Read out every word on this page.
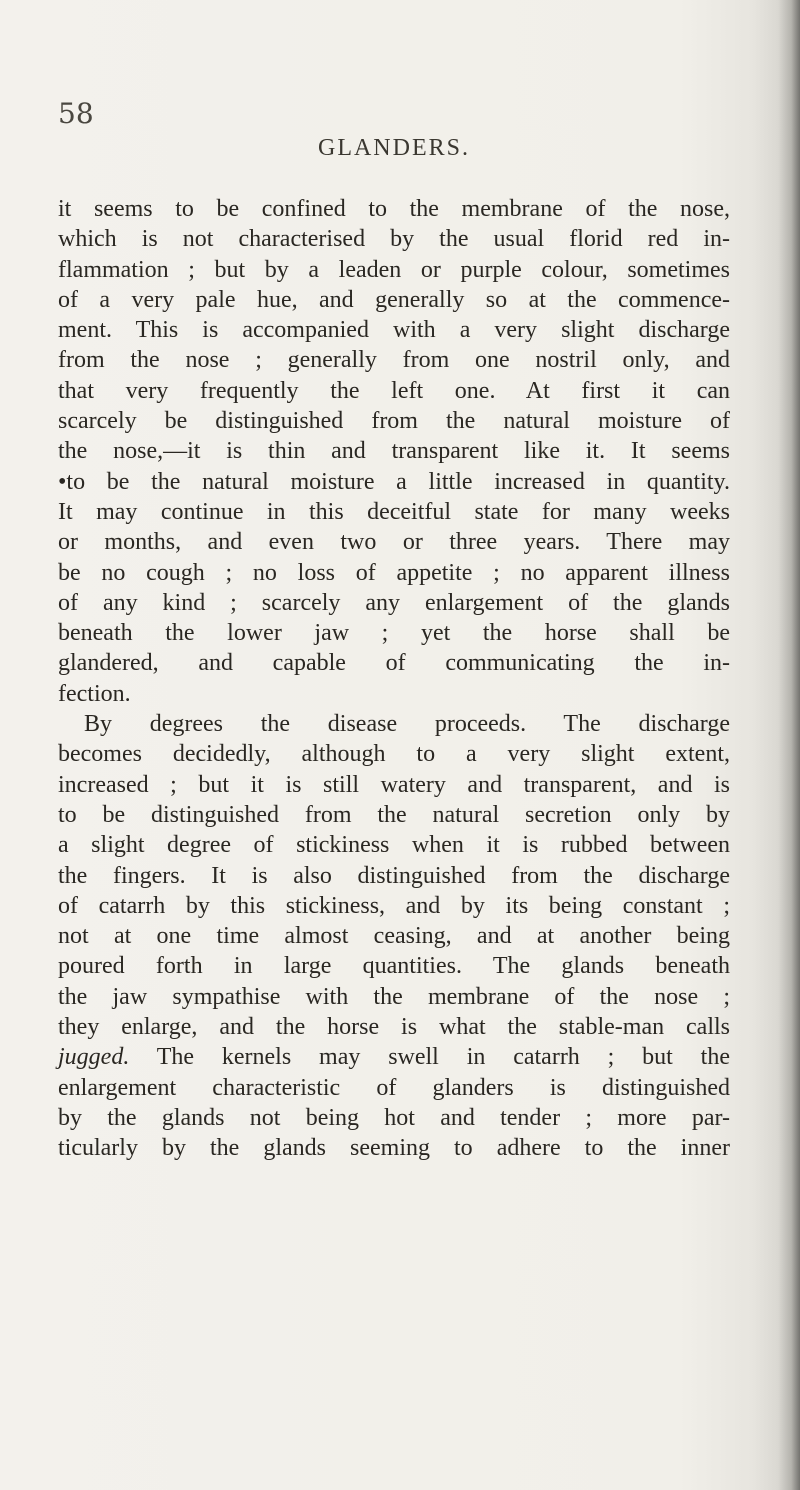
58
GLANDERS.
it seems to be confined to the membrane of the nose,
which is not characterised by the usual florid red in-
flammation ; but by a leaden or purple colour, sometimes
of a very pale hue, and generally so at the commence-
ment. This is accompanied with a very slight discharge
from the nose ; generally from one nostril only, and
that very frequently the left one. At first it can
scarcely be distinguished from the natural moisture of
the nose,—it is thin and transparent like it. It seems
•to be the natural moisture a little increased in quantity.
It may continue in this deceitful state for many weeks
or months, and even two or three years. There may
be no cough ; no loss of appetite ; no apparent illness
of any kind ; scarcely any enlargement of the glands
beneath the lower jaw ; yet the horse shall be
glandered, and capable of communicating the in-
fection.
By degrees the disease proceeds. The discharge
becomes decidedly, although to a very slight extent,
increased ; but it is still watery and transparent, and is
to be distinguished from the natural secretion only by
a slight degree of stickiness when it is rubbed between
the fingers. It is also distinguished from the discharge
of catarrh by this stickiness, and by its being constant ;
not at one time almost ceasing, and at another being
poured forth in large quantities. The glands beneath
the jaw sympathise with the membrane of the nose ;
they enlarge, and the horse is what the stable-man calls
jugged. The kernels may swell in catarrh ; but the
enlargement characteristic of glanders is distinguished
by the glands not being hot and tender ; more par-
ticularly by the glands seeming to adhere to the inner
